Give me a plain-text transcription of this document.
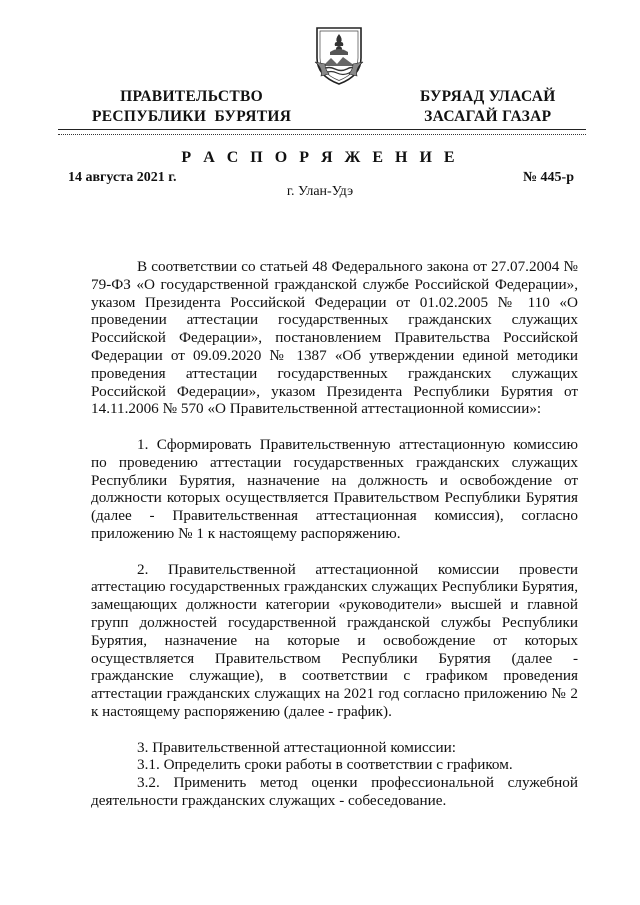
ПРАВИТЕЛЬСТВО
РЕСПУБЛИКИ  БУРЯТИЯ
БУРЯАД УЛАСАЙ
ЗАСАГАЙ ГАЗАР
Р А С П О Р Я Ж Е Н И Е
14 августа 2021 г.	№ 445-р
г. Улан-Удэ

В соответствии со статьей 48 Федерального закона от 27.07.2004 № 79-ФЗ «О государственной гражданской службе Российской Федерации», указом Президента Российской Федерации от 01.02.2005 № 110 «О проведении аттестации государственных гражданских служащих Российской Федерации», постановлением Правительства Российской Федерации от 09.09.2020 № 1387 «Об утверждении единой методики проведения аттестации государственных гражданских служащих Российской Федерации», указом Президента Республики Бурятия от 14.11.2006 № 570 «О Правительственной аттестационной комиссии»:

1. Сформировать Правительственную аттестационную комиссию по проведению аттестации государственных гражданских служащих Республики Бурятия, назначение на должность и освобождение от должности которых осуществляется Правительством Республики Бурятия (далее - Правительственная аттестационная комиссия), согласно приложению № 1 к настоящему распоряжению.

2. Правительственной аттестационной комиссии провести аттестацию государственных гражданских служащих Республики Бурятия, замещающих должности категории «руководители» высшей и главной групп должностей государственной гражданской службы Республики Бурятия, назначение на которые и освобождение от которых осуществляется Правительством Республики Бурятия (далее - гражданские служащие), в соответствии с графиком проведения аттестации гражданских служащих на 2021 год согласно приложению № 2 к настоящему распоряжению (далее - график).

3. Правительственной аттестационной комиссии:

3.1. Определить сроки работы в соответствии с графиком.

3.2. Применить метод оценки профессиональной служебной деятельности гражданских служащих - собеседование.
